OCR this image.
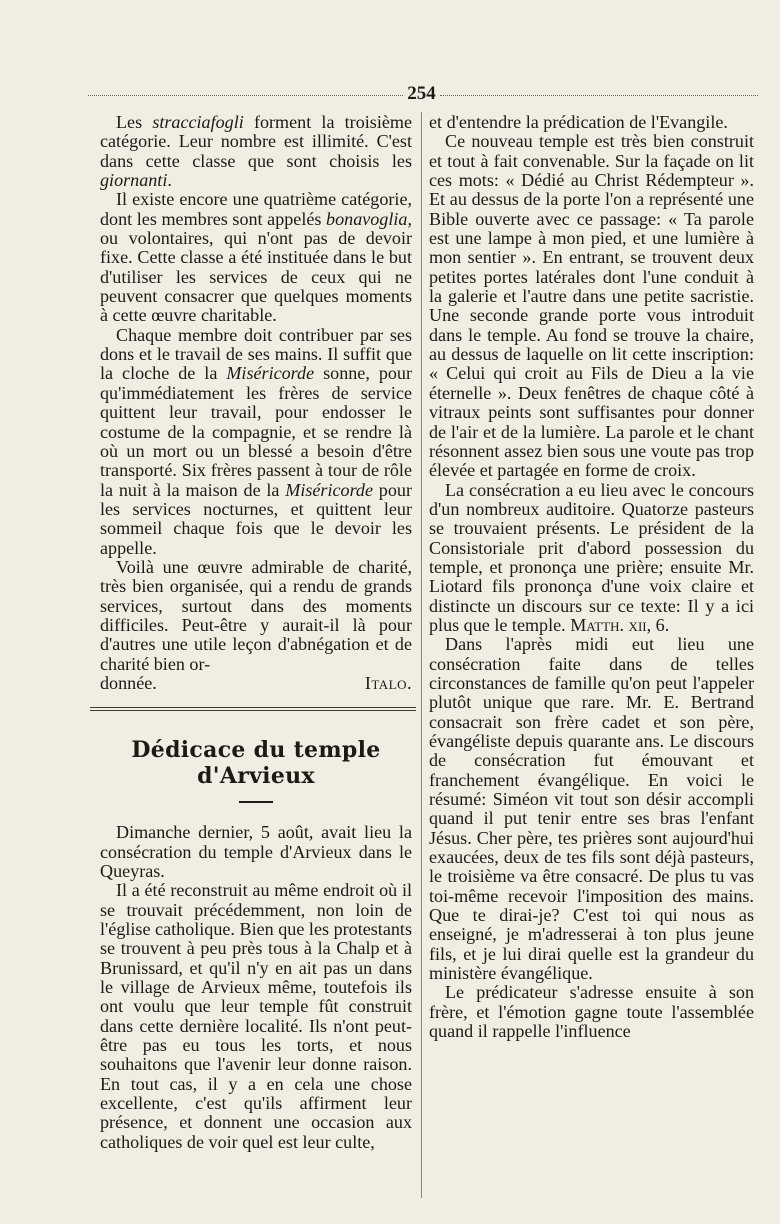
254

Les stracciafogli forment la troisième catégorie. Leur nombre est illimité. C'est dans cette classe que sont choisis les giornanti.

Il existe encore une quatrième catégorie, dont les membres sont appelés bonavoglia, ou volontaires, qui n'ont pas de devoir fixe. Cette classe a été instituée dans le but d'utiliser les services de ceux qui ne peuvent consacrer que quelques moments à cette œuvre charitable.

Chaque membre doit contribuer par ses dons et le travail de ses mains. Il suffit que la cloche de la Miséricorde sonne, pour qu'immédiatement les frères de service quittent leur travail, pour endosser le costume de la compagnie, et se rendre là où un mort ou un blessé a besoin d'être transporté. Six frères passent à tour de rôle la nuit à la maison de la Miséricorde pour les services nocturnes, et quittent leur sommeil chaque fois que le devoir les appelle.

Voilà une œuvre admirable de charité, très bien organisée, qui a rendu de grands services, surtout dans des moments difficiles. Peut-être y aurait-il là pour d'autres une utile leçon d'abnégation et de charité bien or-

donnée.	Italo.

Dédicace du temple d'Arvieux

Dimanche dernier, 5 août, avait lieu la consécration du temple d'Arvieux dans le Queyras.

Il a été reconstruit au même endroit où il se trouvait précédemment, non loin de l'église catholique. Bien que les protestants se trouvent à peu près tous à la Chalp et à Brunissard, et qu'il n'y en ait pas un dans le village de Arvieux même, toutefois ils ont voulu que leur temple fût construit dans cette dernière localité. Ils n'ont peut-être pas eu tous les torts, et nous souhaitons que l'avenir leur donne raison. En tout cas, il y a en cela une chose excellente, c'est qu'ils affirment leur présence, et donnent une occasion aux catholiques de voir quel est leur culte,

et d'entendre la prédication de l'Evangile.

Ce nouveau temple est très bien construit et tout à fait convenable. Sur la façade on lit ces mots: « Dédié au Christ Rédempteur ». Et au dessus de la porte l'on a représenté une Bible ouverte avec ce passage: « Ta parole est une lampe à mon pied, et une lumière à mon sentier ». En entrant, se trouvent deux petites portes latérales dont l'une conduit à la galerie et l'autre dans une petite sacristie. Une seconde grande porte vous introduit dans le temple. Au fond se trouve la chaire, au dessus de laquelle on lit cette inscription: « Celui qui croit au Fils de Dieu a la vie éternelle ». Deux fenêtres de chaque côté à vitraux peints sont suffisantes pour donner de l'air et de la lumière. La parole et le chant résonnent assez bien sous une voute pas trop élevée et partagée en forme de croix.

La consécration a eu lieu avec le concours d'un nombreux auditoire. Quatorze pasteurs se trouvaient présents. Le président de la Consistoriale prit d'abord possession du temple, et prononça une prière; ensuite Mr. Liotard fils prononça d'une voix claire et distincte un discours sur ce texte: Il y a ici plus que le temple. Matth. xii, 6.

Dans l'après midi eut lieu une consécration faite dans de telles circonstances de famille qu'on peut l'appeler plutôt unique que rare. Mr. E. Bertrand consacrait son frère cadet et son père, évangéliste depuis quarante ans. Le discours de consécration fut émouvant et franchement évangélique. En voici le résumé: Siméon vit tout son désir accompli quand il put tenir entre ses bras l'enfant Jésus. Cher père, tes prières sont aujourd'hui exaucées, deux de tes fils sont déjà pasteurs, le troisième va être consacré. De plus tu vas toi-même recevoir l'imposition des mains. Que te dirai-je? C'est toi qui nous as enseigné, je m'adresserai à ton plus jeune fils, et je lui dirai quelle est la grandeur du ministère évangélique.

Le prédicateur s'adresse ensuite à son frère, et l'émotion gagne toute l'assemblée quand il rappelle l'influence
